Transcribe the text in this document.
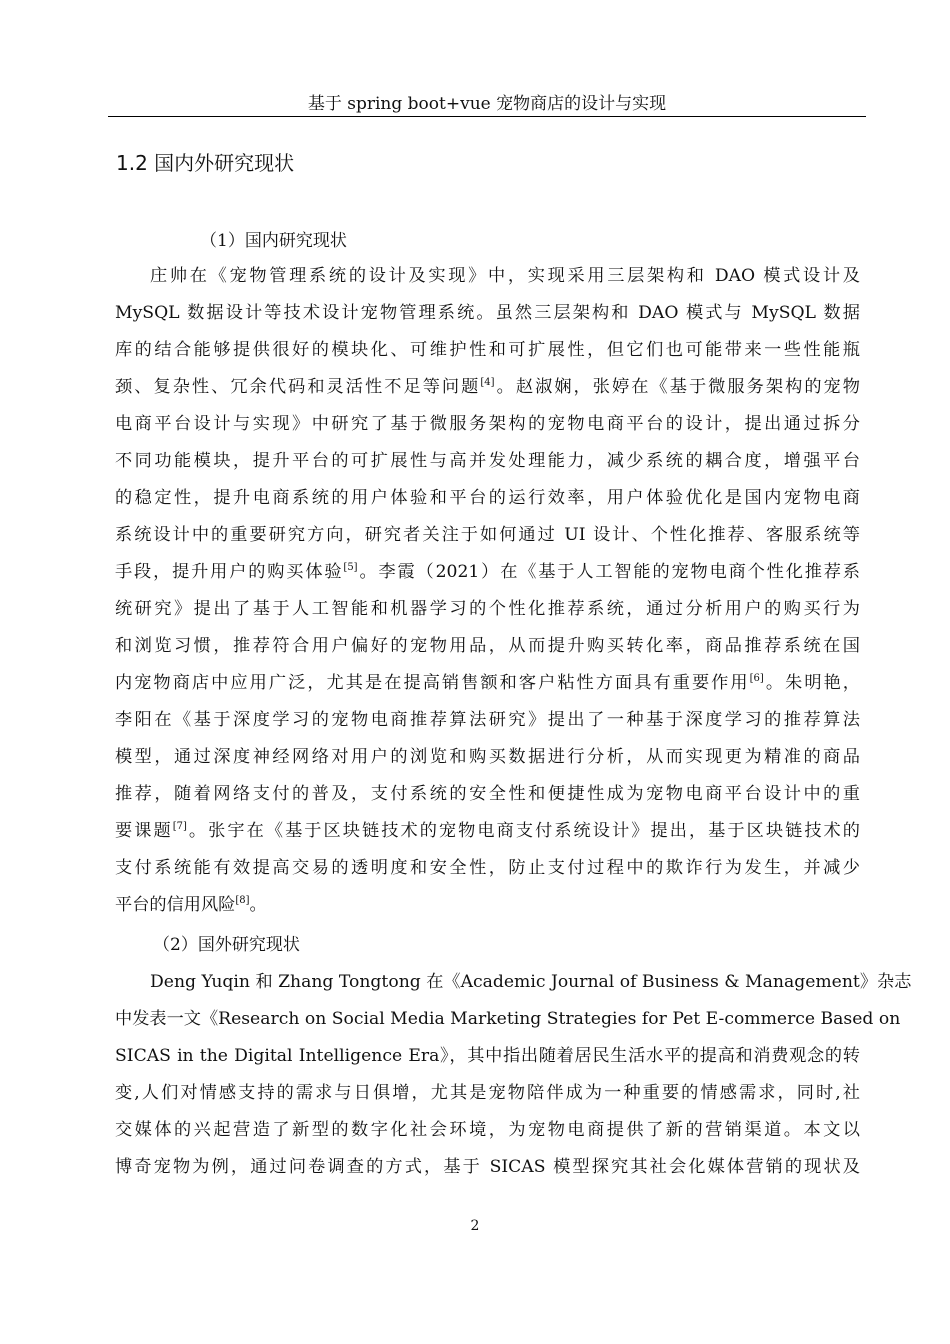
基于 spring boot+vue 宠物商店的设计与实现
1.2 国内外研究现状
（1）国内研究现状
庄帅在《宠物管理系统的设计及实现》中，实现采用三层架构和 DAO 模式设计及
MySQL 数据设计等技术设计宠物管理系统。虽然三层架构和 DAO 模式与 MySQL 数据
库的结合能够提供很好的模块化、可维护性和可扩展性，但它们也可能带来一些性能瓶
颈、复杂性、冗余代码和灵活性不足等问题[4]。赵淑娴，张婷在《基于微服务架构的宠物
电商平台设计与实现》中研究了基于微服务架构的宠物电商平台的设计，提出通过拆分
不同功能模块，提升平台的可扩展性与高并发处理能力，减少系统的耦合度，增强平台
的稳定性，提升电商系统的用户体验和平台的运行效率，用户体验优化是国内宠物电商
系统设计中的重要研究方向，研究者关注于如何通过 UI 设计、个性化推荐、客服系统等
手段，提升用户的购买体验[5]。李霞（2021）在《基于人工智能的宠物电商个性化推荐系
统研究》提出了基于人工智能和机器学习的个性化推荐系统，通过分析用户的购买行为
和浏览习惯，推荐符合用户偏好的宠物用品，从而提升购买转化率，商品推荐系统在国
内宠物商店中应用广泛，尤其是在提高销售额和客户粘性方面具有重要作用[6]。朱明艳，
李阳在《基于深度学习的宠物电商推荐算法研究》提出了一种基于深度学习的推荐算法
模型，通过深度神经网络对用户的浏览和购买数据进行分析，从而实现更为精准的商品
推荐，随着网络支付的普及，支付系统的安全性和便捷性成为宠物电商平台设计中的重
要课题[7]。张宇在《基于区块链技术的宠物电商支付系统设计》提出，基于区块链技术的
支付系统能有效提高交易的透明度和安全性，防止支付过程中的欺诈行为发生，并减少
平台的信用风险[8]。
（2）国外研究现状
Deng Yuqin 和 Zhang Tongtong 在《Academic Journal of Business & Management》杂志
中发表一文《Research on Social Media Marketing Strategies for Pet E-commerce Based on
SICAS in the Digital Intelligence Era》，其中指出随着居民生活水平的提高和消费观念的转
变,人们对情感支持的需求与日俱增，尤其是宠物陪伴成为一种重要的情感需求，同时,社
交媒体的兴起营造了新型的数字化社会环境，为宠物电商提供了新的营销渠道。本文以
博奇宠物为例，通过问卷调查的方式，基于 SICAS 模型探究其社会化媒体营销的现状及
2
